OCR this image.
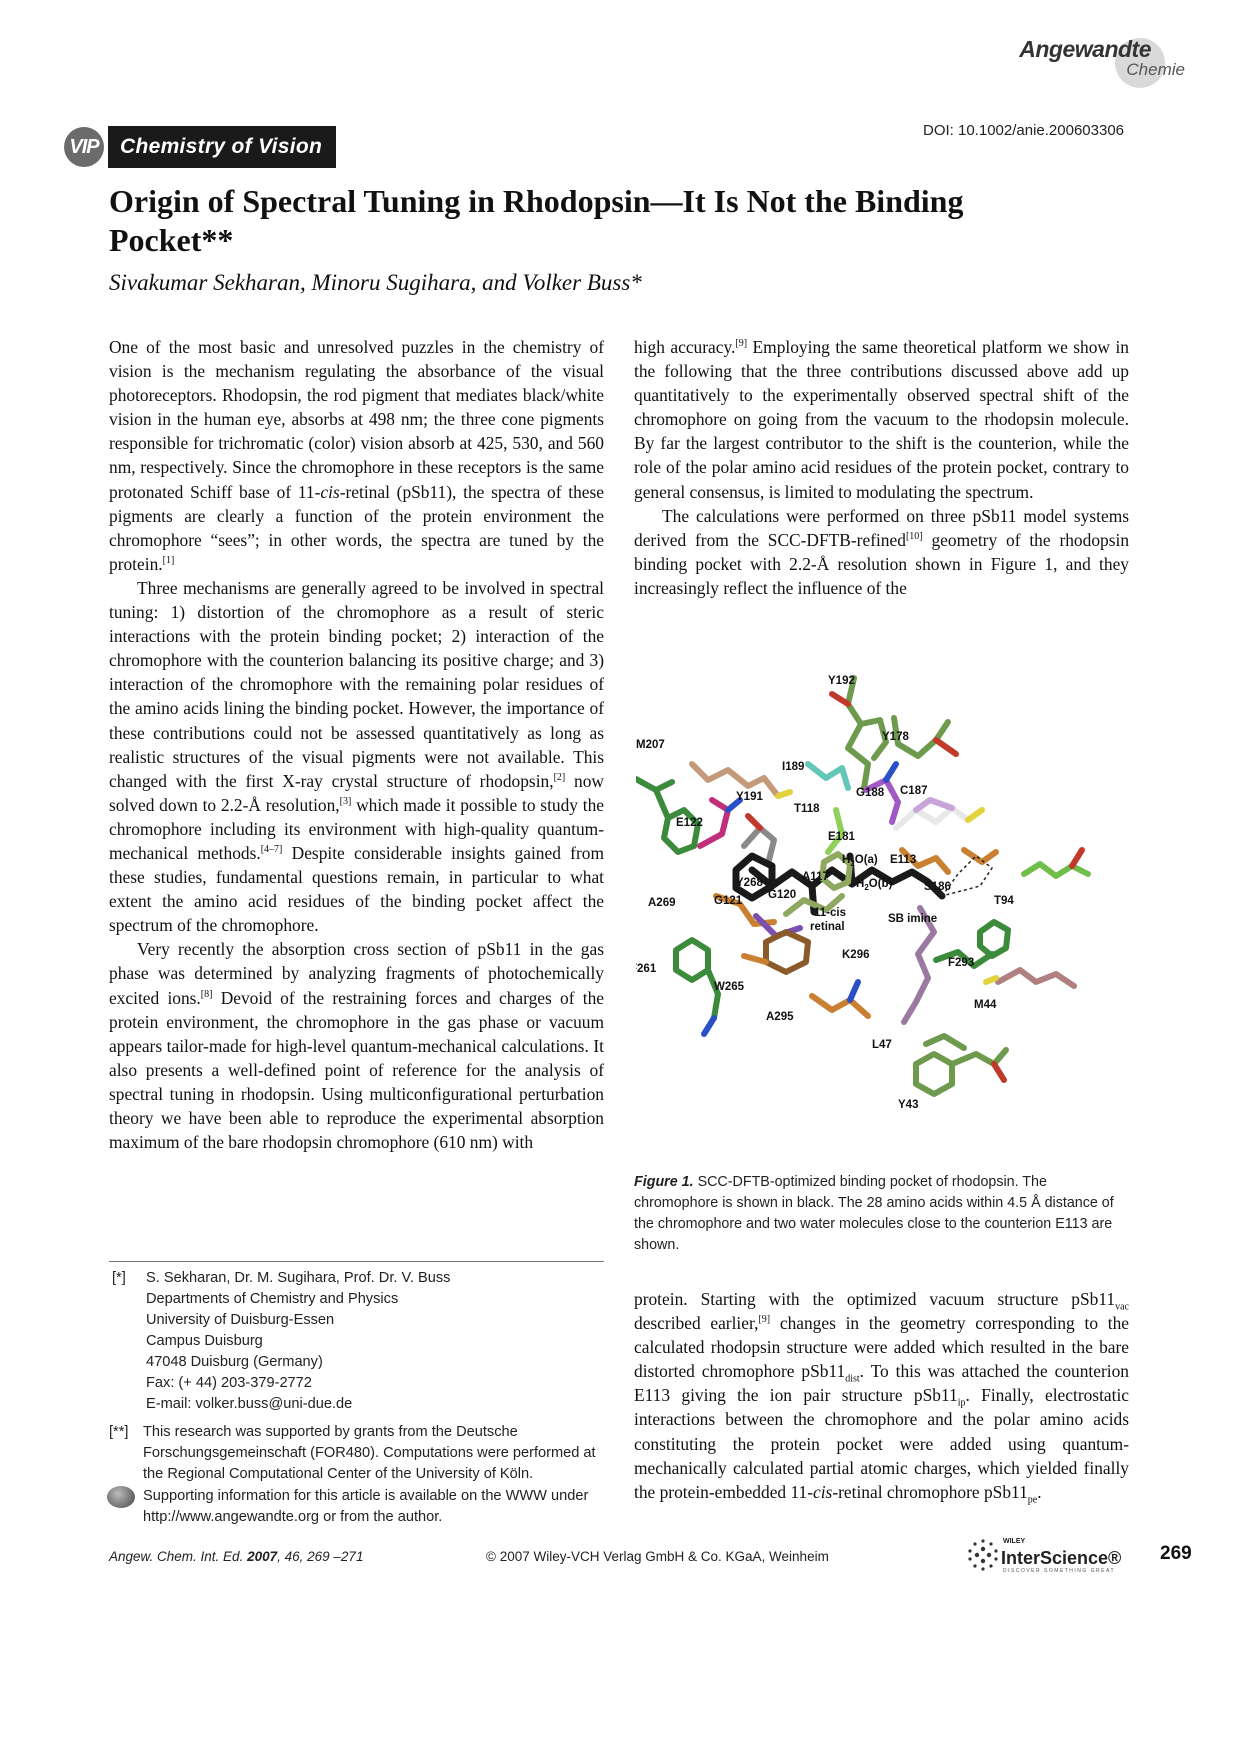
Angewandte
Chemie
DOI: 10.1002/anie.200603306
VIP	Chemistry of Vision
Origin of Spectral Tuning in Rhodopsin—It Is Not the Binding Pocket**
Sivakumar Sekharan, Minoru Sugihara, and Volker Buss*

One of the most basic and unresolved puzzles in the chemistry of vision is the mechanism regulating the absorbance of the visual photoreceptors. Rhodopsin, the rod pigment that mediates black/white vision in the human eye, absorbs at 498 nm; the three cone pigments responsible for trichromatic (color) vision absorb at 425, 530, and 560 nm, respectively. Since the chromophore in these receptors is the same protonated Schiff base of 11-cis-retinal (pSb11), the spectra of these pigments are clearly a function of the protein environment the chromophore “sees”; in other words, the spectra are tuned by the protein.[1]

Three mechanisms are generally agreed to be involved in spectral tuning: 1) distortion of the chromophore as a result of steric interactions with the protein binding pocket; 2) interaction of the chromophore with the counterion balancing its positive charge; and 3) interaction of the chromophore with the remaining polar residues of the amino acids lining the binding pocket. However, the importance of these contributions could not be assessed quantitatively as long as realistic structures of the visual pigments were not available. This changed with the first X-ray crystal structure of rhodopsin,[2] now solved down to 2.2-Å resolution,[3] which made it possible to study the chromophore including its environment with high-quality quantum-mechanical methods.[4–7] Despite considerable insights gained from these studies, fundamental questions remain, in particular to what extent the amino acid residues of the binding pocket affect the spectrum of the chromophore.

Very recently the absorption cross section of pSb11 in the gas phase was determined by analyzing fragments of photochemically excited ions.[8] Devoid of the restraining forces and charges of the protein environment, the chromophore in the gas phase or vacuum appears tailor-made for high-level quantum-mechanical calculations. It also presents a well-defined point of reference for the analysis of spectral tuning in rhodopsin. Using multiconfigurational perturbation theory we have been able to reproduce the experimental absorption maximum of the bare rhodopsin chromophore (610 nm) with

high accuracy.[9] Employing the same theoretical platform we show in the following that the three contributions discussed above add up quantitatively to the experimentally observed spectral shift of the chromophore on going from the vacuum to the rhodopsin molecule. By far the largest contributor to the shift is the counterion, while the role of the polar amino acid residues of the protein pocket, contrary to general consensus, is limited to modulating the spectrum.

The calculations were performed on three pSb11 model systems derived from the SCC-DFTB-refined[10] geometry of the rhodopsin binding pocket with 2.2-Å resolution shown in Figure 1, and they increasingly reflect the influence of the

Y192
M207
Y178
I189
Y191	G188 C187
T118
E122
E181
$H_2O(a)$ E113
Y268	A117
$H_2O(b)$	S186
T94
A269	G121 G120
SB imine
11-cis
retinal
K296
F293
261
W265
M44
A295
L47
Y43
Figure 1. SCC-DFTB-optimized binding pocket of rhodopsin. The chromophore is shown in black. The 28 amino acids within 4.5 Å distance of the chromophore and two water molecules close to the counterion E113 are shown.

protein. Starting with the optimized vacuum structure $pSb11_{vac}$ described earlier,[9] changes in the geometry corresponding to the calculated rhodopsin structure were added which resulted in the bare distorted chromophore $pSb11_{dist}$. To this was attached the counterion E113 giving the ion pair structure $pSb11_{ip}$. Finally, electrostatic interactions between the chromophore and the polar amino acids constituting the protein pocket were added using quantum-mechanically calculated partial atomic charges, which yielded finally the protein-embedded 11-cis-retinal chromophore $pSb11_{pe}$.

[*] S. Sekharan, Dr. M. Sugihara, Prof. Dr. V. Buss
Departments of Chemistry and Physics
University of Duisburg-Essen
Campus Duisburg
47048 Duisburg (Germany)
Fax: (+ 44) 203-379-2772
E-mail: volker.buss@uni-due.de
[**] This research was supported by grants from the Deutsche Forschungsgemeinschaft (FOR480). Computations were performed at the Regional Computational Center of the University of Köln.
Supporting information for this article is available on the WWW under http://www.angewandte.org or from the author.
Angew. Chem. Int. Ed. 2007, 46, 269 –271	© 2007 Wiley-VCH Verlag GmbH & Co. KGaA, Weinheim
WILEY
InterScience®
DISCOVER SOMETHING GREAT
269
